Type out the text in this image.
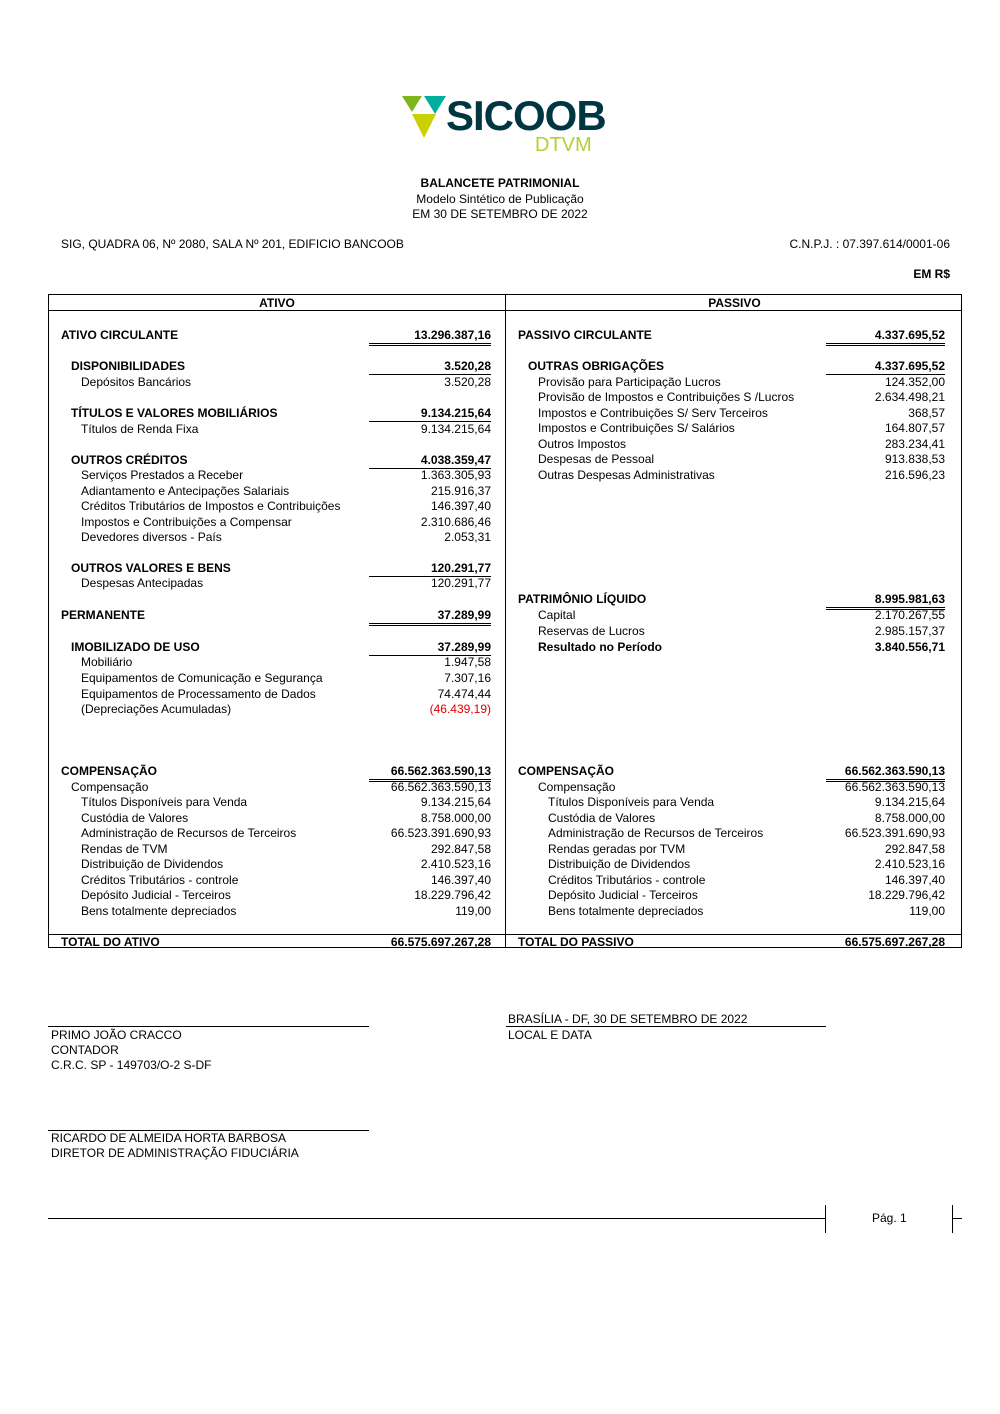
SICOOB
DTVM
BALANCETE PATRIMONIAL
Modelo Sintético de Publicação
EM 30 DE SETEMBRO DE 2022
SIG, QUADRA 06, Nº 2080, SALA Nº 201, EDIFICIO BANCOOB	C.N.P.J. : 07.397.614/0001-06
EM R$
ATIVO	PASSIVO
ATIVO CIRCULANTE	13.296.387,16
DISPONIBILIDADES	3.520,28
Depósitos Bancários	3.520,28
TÍTULOS E VALORES MOBILIÁRIOS	9.134.215,64
Títulos de Renda Fixa	9.134.215,64
OUTROS CRÉDITOS	4.038.359,47
Serviços Prestados a Receber	1.363.305,93
Adiantamento e Antecipações Salariais	215.916,37
Créditos Tributários de Impostos e Contribuições	146.397,40
Impostos e Contribuições a Compensar	2.310.686,46
Devedores diversos - País	2.053,31
OUTROS VALORES E BENS	120.291,77
Despesas Antecipadas	120.291,77
PERMANENTE	37.289,99
IMOBILIZADO DE USO	37.289,99
Mobiliário	1.947,58
Equipamentos de Comunicação e Segurança	7.307,16
Equipamentos de Processamento de Dados	74.474,44
(Depreciações Acumuladas)	(46.439,19)
COMPENSAÇÃO	66.562.363.590,13
Compensação	66.562.363.590,13
Títulos Disponíveis para Venda	9.134.215,64
Custódia de Valores	8.758.000,00
Administração de Recursos de Terceiros	66.523.391.690,93
Rendas de TVM	292.847,58
Distribuição de Dividendos	2.410.523,16
Créditos Tributários - controle	146.397,40
Depósito Judicial - Terceiros	18.229.796,42
Bens totalmente depreciados	119,00
PASSIVO CIRCULANTE	4.337.695,52
OUTRAS OBRIGAÇÕES	4.337.695,52
Provisão para Participação Lucros	124.352,00
Provisão de Impostos e Contribuições S /Lucros	2.634.498,21
Impostos e Contribuições S/ Serv Terceiros	368,57
Impostos e Contribuições S/ Salários	164.807,57
Outros Impostos	283.234,41
Despesas de Pessoal	913.838,53
Outras Despesas Administrativas	216.596,23
PATRIMÔNIO LÍQUIDO	8.995.981,63
Capital	2.170.267,55
Reservas de Lucros	2.985.157,37
Resultado no Período	3.840.556,71
COMPENSAÇÃO	66.562.363.590,13
Compensação	66.562.363.590,13
Títulos Disponíveis para Venda	9.134.215,64
Custódia de Valores	8.758.000,00
Administração de Recursos de Terceiros	66.523.391.690,93
Rendas geradas por TVM	292.847,58
Distribuição de Dividendos	2.410.523,16
Créditos Tributários - controle	146.397,40
Depósito Judicial - Terceiros	18.229.796,42
Bens totalmente depreciados	119,00
TOTAL DO ATIVO	66.575.697.267,28 TOTAL DO PASSIVO	66.575.697.267,28
PRIMO JOÃO CRACCO
CONTADOR
C.R.C. SP - 149703/O-2 S-DF
BRASÍLIA - DF, 30 DE SETEMBRO DE 2022
LOCAL E DATA
RICARDO DE ALMEIDA HORTA BARBOSA
DIRETOR DE ADMINISTRAÇÃO FIDUCIÁRIA
Pág. 1
